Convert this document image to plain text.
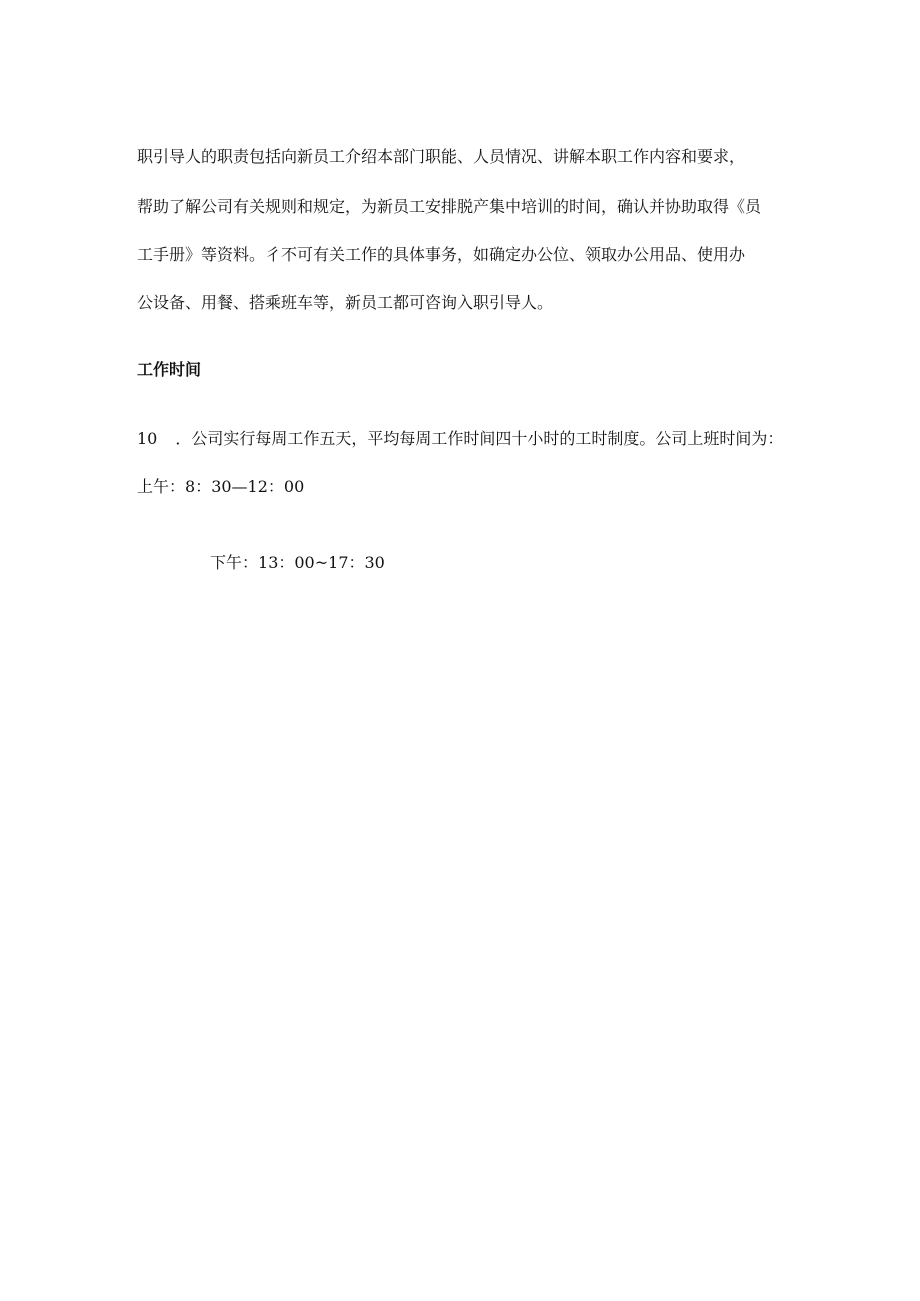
职引导人的职责包括向新员工介绍本部门职能、人员情况、讲解本职工作内容和要求，
帮助了解公司有关规则和规定，为新员工安排脱产集中培训的时间，确认并协助取得《员
工手册》等资料。彳不可有关工作的具体事务，如确定办公位、领取办公用品、使用办
公设备、用餐、搭乘班车等，新员工都可咨询入职引导人。
工作时间
10 ．公司实行每周工作五天，平均每周工作时间四十小时的工时制度。公司上班时间为：
上午：8：30—12：00
下午：13：00~17：30
